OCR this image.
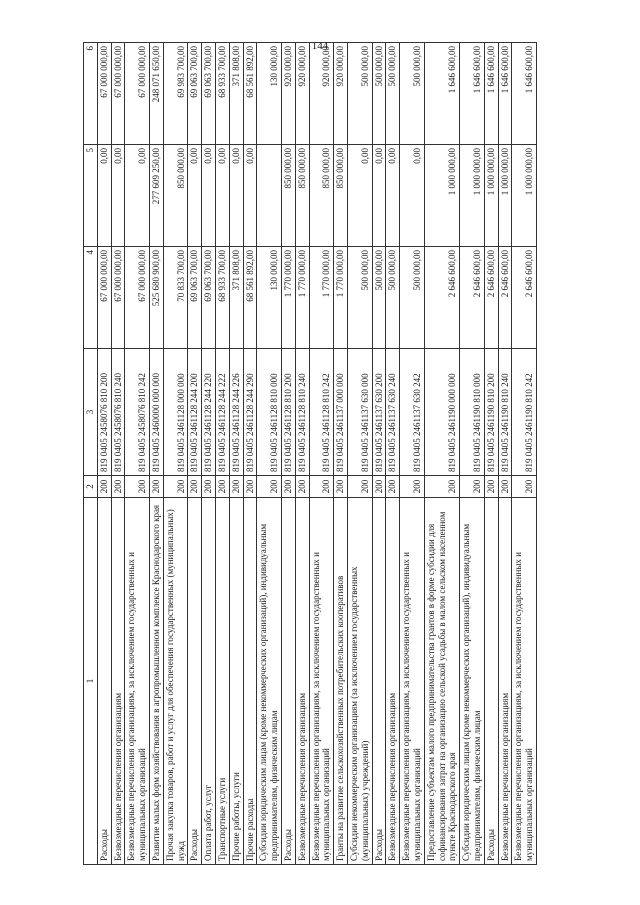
144
1	2	3	4	5	6
Расходы	200	819 0405 2458076 810 200	67 000 000,00	0,00	67 000 000,00
Безвозмездные перечисления организациям	200	819 0405 2458076 810 240	67 000 000,00	0,00	67 000 000,00
Безвозмездные перечисления организациям, за исключением государственных и муниципальных организаций	200	819 0405 2458076 810 242	67 000 000,00	0,00	67 000 000,00
Развитие малых форм хозяйствования в агропромышленном комплексе Краснодарского края	200	819 0405 2460000 000 000	525 680 900,00	277 609 250,00	248 071 650,00
Прочая закупка товаров, работ и услуг для обеспечения государственных (муниципальных) нужд	200	819 0405 2461128 000 000	70 833 700,00	850 000,00	69 983 700,00
Расходы	200	819 0405 2461128 244 200	69 063 700,00	0,00	69 063 700,00
Оплата работ, услуг	200	819 0405 2461128 244 220	69 063 700,00	0,00	69 063 700,00
Транспортные услуги	200	819 0405 2461128 244 222	68 933 700,00	0,00	68 933 700,00
Прочие работы, услуги	200	819 0405 2461128 244 226	371 808,00	0,00	371 808,00
Прочие расходы	200	819 0405 2461128 244 290	68 561 892,00	0,00	68 561 892,00
Субсидии юридическим лицам (кроме некоммерческих организаций), индивидуальным предпринимателям, физическим лицам	200	819 0405 2461128 810 000	130 000,00		130 000,00
Расходы	200	819 0405 2461128 810 200	1 770 000,00	850 000,00	920 000,00
Безвозмездные перечисления организациям	200	819 0405 2461128 810 240	1 770 000,00	850 000,00	920 000,00
Безвозмездные перечисления организациям, за исключением государственных и муниципальных организаций	200	819 0405 2461128 810 242	1 770 000,00	850 000,00	920 000,00
Гранты на развитие сельскохозяйственных потребительских кооперативов	200	819 0405 2461137 000 000	1 770 000,00	850 000,00	920 000,00
Субсидии некоммерческим организациям (за исключением государственных (муниципальных) учреждений)	200	819 0405 2461137 630 000	500 000,00	0,00	500 000,00
Расходы	200	819 0405 2461137 630 200	500 000,00	0,00	500 000,00
Безвозмездные перечисления организациям	200	819 0405 2461137 630 240	500 000,00	0,00	500 000,00
Безвозмездные перечисления организациям, за исключением государственных и муниципальных организаций	200	819 0405 2461137 630 242	500 000,00	0,00	500 000,00
Предоставление субъектам малого предпринимательства грантов в форме субсидии для софинансирования затрат на организацию сельской усадьбы в малом сельском населенном пункте Краснодарского края	200	819 0405 2461190 000 000	2 646 600,00	1 000 000,00	1 646 600,00
Субсидии юридическим лицам (кроме некоммерческих организаций), индивидуальным предпринимателям, физическим лицам	200	819 0405 2461190 810 000	2 646 600,00	1 000 000,00	1 646 600,00
Расходы	200	819 0405 2461190 810 200	2 646 600,00	1 000 000,00	1 646 600,00
Безвозмездные перечисления организациям	200	819 0405 2461190 810 240	2 646 600,00	1 000 000,00	1 646 600,00
Безвозмездные перечисления организациям, за исключением государственных и муниципальных организаций	200	819 0405 2461190 810 242	2 646 600,00	1 000 000,00	1 646 600,00
